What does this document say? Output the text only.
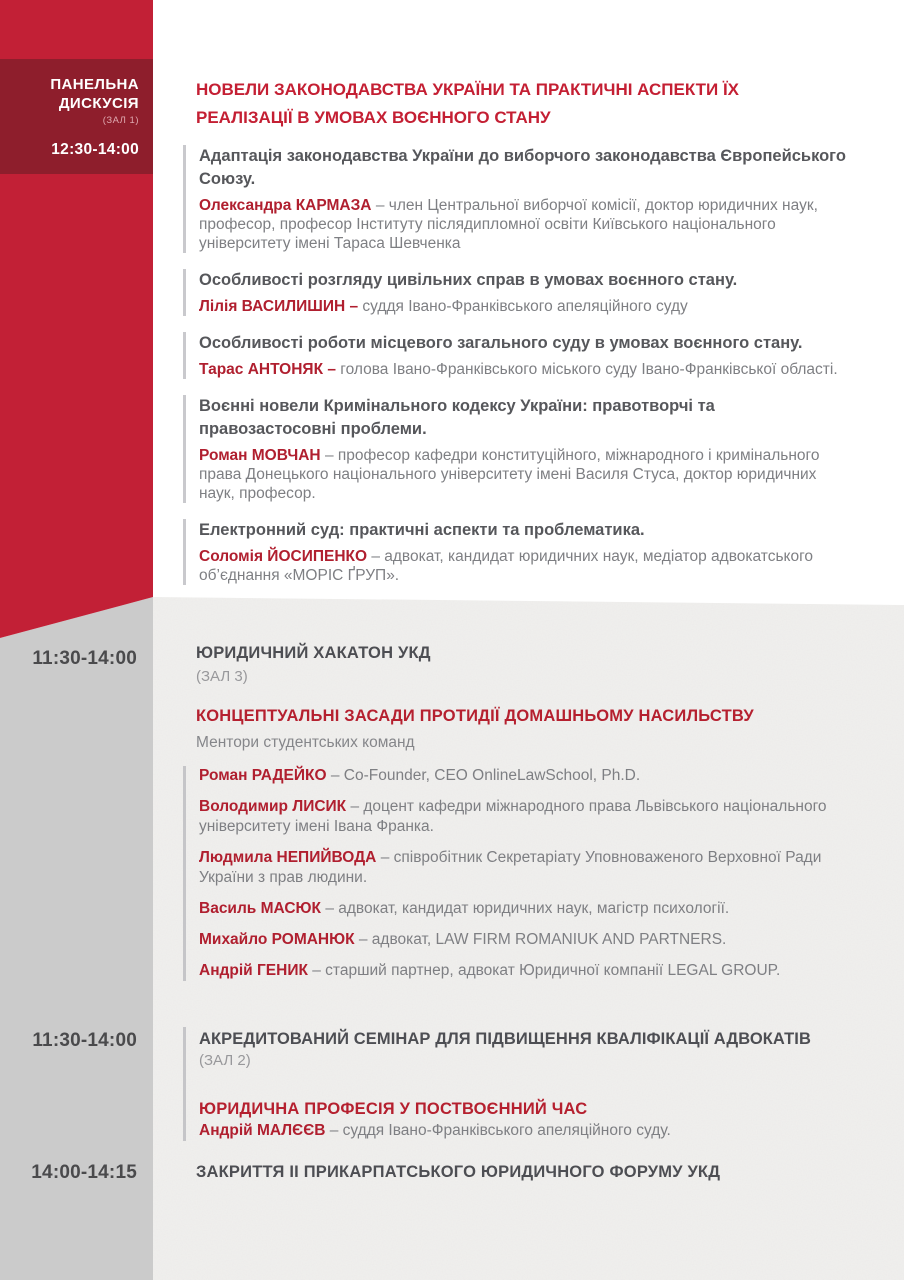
ПАНЕЛЬНА
ДИСКУСІЯ
(ЗАЛ 1)
12:30-14:00
11:30-14:00
11:30-14:00
14:00-14:15
НОВЕЛИ ЗАКОНОДАВСТВА УКРАЇНИ ТА ПРАКТИЧНІ АСПЕКТИ ЇХ РЕАЛІЗАЦІЇ В УМОВАХ ВОЄННОГО СТАНУ
Адаптація законодавства України до виборчого законодавства Європейського Союзу.
Олександра КАРМАЗА – член Центральної виборчої комісії, доктор юридичних наук, професор, професор Інституту післядипломної освіти Київського національного університету імені Тараса Шевченка
Особливості розгляду цивільних справ в умовах воєнного стану.
Лілія ВАСИЛИШИН – суддя Івано-Франківського апеляційного суду
Особливості роботи місцевого загального суду в умовах воєнного стану.
Тарас АНТОНЯК – голова Івано-Франківського міського суду Івано-Франківської області.
Воєнні новели Кримінального кодексу України: правотворчі та правозастосовні проблеми.
Роман МОВЧАН – професор кафедри конституційного, міжнародного і кримінального права Донецького національного університету імені Василя Стуса, доктор юридичних наук, професор.
Електронний суд: практичні аспекти та проблематика.
Соломія ЙОСИПЕНКО – адвокат, кандидат юридичних наук, медіатор адвокатського об’єднання «МОРІС ҐРУП».
ЮРИДИЧНИЙ ХАКАТОН УКД
(ЗАЛ 3)
КОНЦЕПТУАЛЬНІ ЗАСАДИ ПРОТИДІЇ ДОМАШНЬОМУ НАСИЛЬСТВУ
Ментори студентських команд
Роман РАДЕЙКО – Co-Founder, CEO OnlineLawSchool, Ph.D.
Володимир ЛИСИК – доцент кафедри міжнародного права Львівського національного університету імені Івана Франка.
Людмила НЕПИЙВОДА – співробітник Секретаріату Уповноваженого Верховної Ради України з прав людини.
Василь МАСЮК – адвокат, кандидат юридичних наук, магістр психології.
Михайло РОМАНЮК – адвокат, LAW FIRM ROMANIUK AND PARTNERS.
Андрій ГЕНИК – старший партнер, адвокат Юридичної компанії LEGAL GROUP.
АКРЕДИТОВАНИЙ СЕМІНАР ДЛЯ ПІДВИЩЕННЯ КВАЛІФІКАЦІЇ АДВОКАТІВ
(ЗАЛ 2)
ЮРИДИЧНА ПРОФЕСІЯ У ПОСТВОЄННИЙ ЧАС
Андрій МАЛЄЄВ – суддя Івано-Франківського апеляційного суду.
ЗАКРИТТЯ ІІ ПРИКАРПАТСЬКОГО ЮРИДИЧНОГО ФОРУМУ УКД
